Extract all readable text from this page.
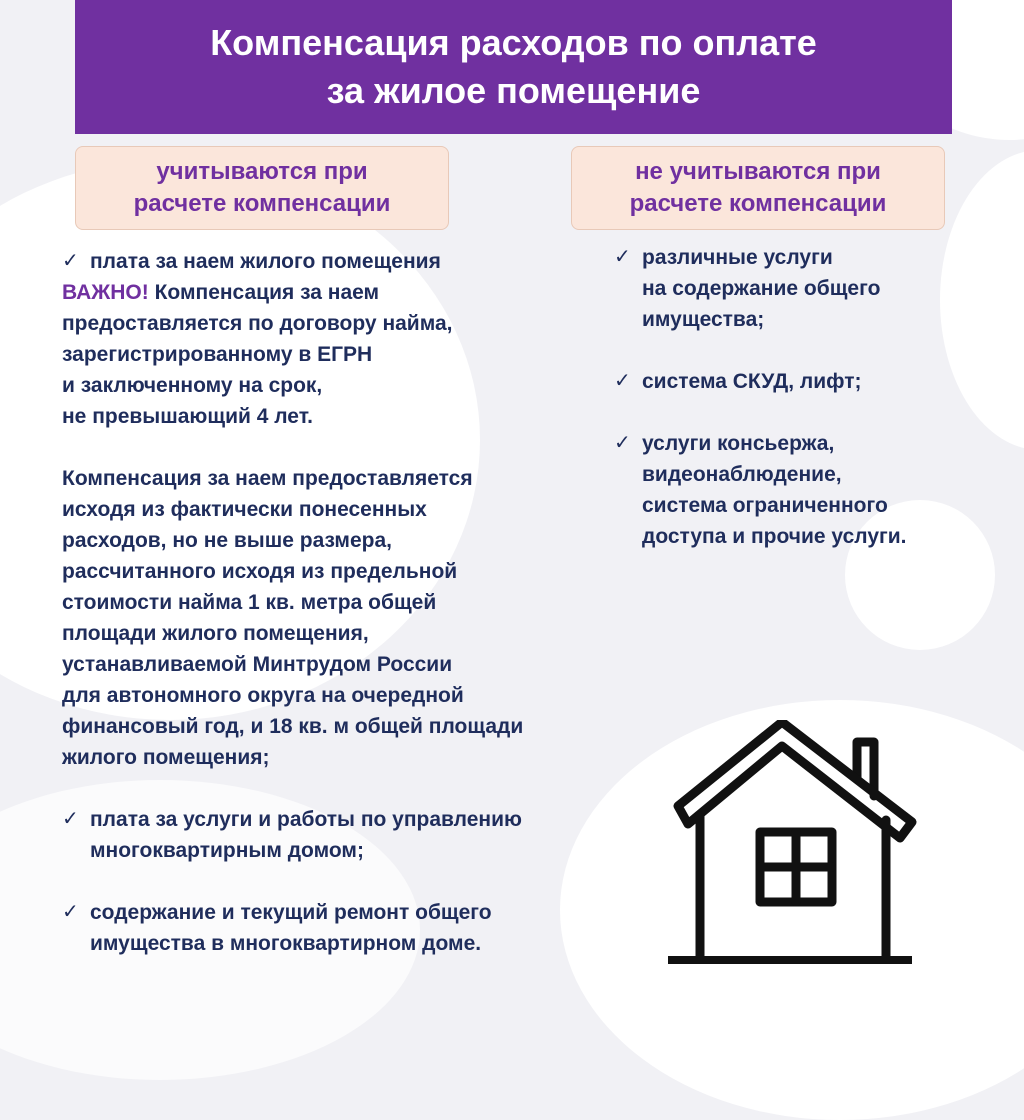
Компенсация расходов по оплате
за жилое помещение
учитываются при
расчете компенсации
не учитываются при
расчете компенсации
✓ плата за наем жилого помещения
ВАЖНО! Компенсация за наем
предоставляется по договору найма,
зарегистрированному в ЕГРН
и заключенному на срок,
не превышающий 4 лет.
Компенсация за наем предоставляется
исходя из фактически понесенных
расходов, но не выше размера,
рассчитанного исходя из предельной
стоимости найма 1 кв. метра общей
площади жилого помещения,
устанавливаемой Минтрудом России
для автономного округа на очередной
финансовый год, и 18 кв. м общей площади
жилого помещения;
✓ плата за услуги и работы по управлению
многоквартирным домом;
✓ содержание и текущий ремонт общего
имущества в многоквартирном доме.
✓ различные услуги
на содержание общего
имущества;
✓ система СКУД, лифт;
✓ услуги консьержа,
видеонаблюдение,
система ограниченного
доступа и прочие услуги.
